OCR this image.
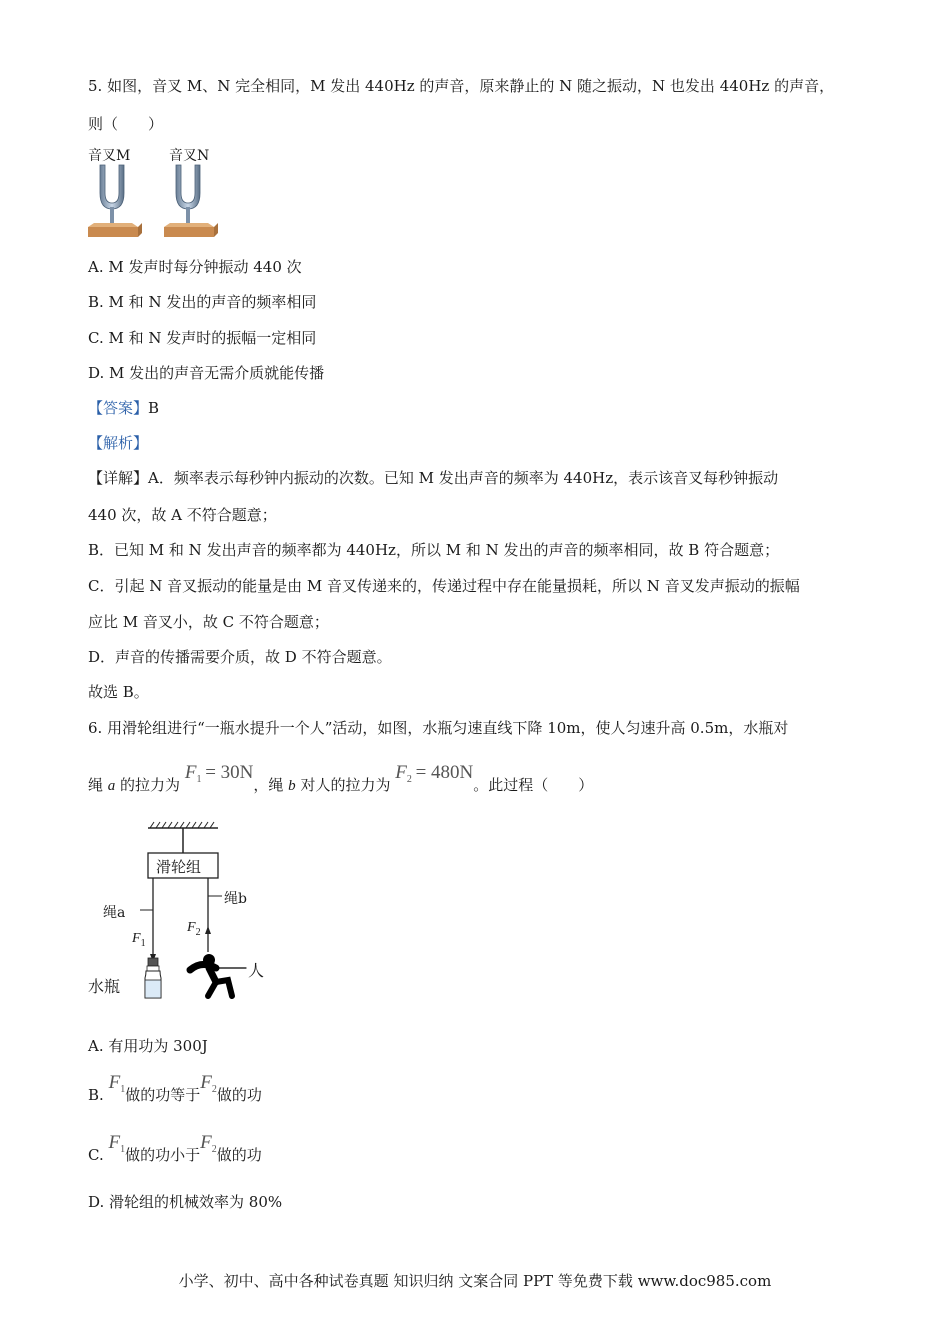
5. 如图，音叉 M、N 完全相同，M 发出 440Hz 的声音，原来静止的 N 随之振动，N 也发出 440Hz 的声音，
则（　　）
音叉M	音叉N
A. M 发声时每分钟振动 440 次
B. M 和 N 发出的声音的频率相同
C. M 和 N 发声时的振幅一定相同
D. M 发出的声音无需介质就能传播
【答案】B
【解析】
【详解】A．频率表示每秒钟内振动的次数。已知 M 发出声音的频率为 440Hz，表示该音叉每秒钟振动
440 次，故 A 不符合题意；
B．已知 M 和 N 发出声音的频率都为 440Hz，所以 M 和 N 发出的声音的频率相同，故 B 符合题意；
C．引起 N 音叉振动的能量是由 M 音叉传递来的，传递过程中存在能量损耗，所以 N 音叉发声振动的振幅
应比 M 音叉小，故 C 不符合题意；
D．声音的传播需要介质，故 D 不符合题意。
故选 B。
6. 用滑轮组进行“一瓶水提升一个人”活动，如图，水瓶匀速直线下降 10m，使人匀速升高 0.5m，水瓶对
绳 a 的拉力为 $F_1 = 30N$，绳 b 对人的拉力为 $F_2 = 480N$。此过程（　　）
滑轮组
绳a
绳b
$F_1$
$F_2$
水瓶
人
A. 有用功为 300J
B. $F_1$做的功等于$F_2$做的功
C. $F_1$做的功小于$F_2$做的功
D. 滑轮组的机械效率为 80%
小学、初中、高中各种试卷真题 知识归纳 文案合同 PPT 等免费下载 www.doc985.com
